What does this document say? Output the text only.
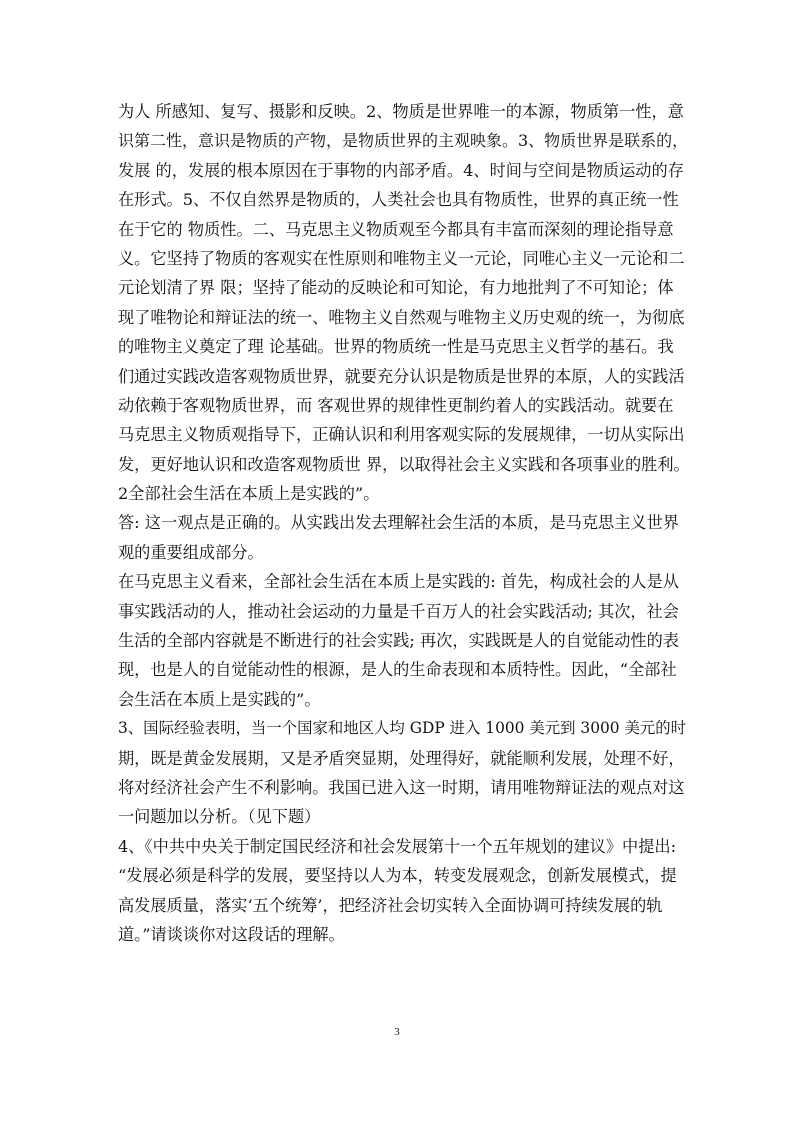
为人 所感知、复写、摄影和反映。2、物质是世界唯一的本源，物质第一性，意
识第二性，意识是物质的产物，是物质世界的主观映象。3、物质世界是联系的，
发展 的，发展的根本原因在于事物的内部矛盾。4、时间与空间是物质运动的存
在形式。5、不仅自然界是物质的，人类社会也具有物质性，世界的真正统一性
在于它的 物质性。二、马克思主义物质观至今都具有丰富而深刻的理论指导意
义。它坚持了物质的客观实在性原则和唯物主义一元论，同唯心主义一元论和二
元论划清了界 限；坚持了能动的反映论和可知论，有力地批判了不可知论；体
现了唯物论和辩证法的统一、唯物主义自然观与唯物主义历史观的统一，为彻底
的唯物主义奠定了理 论基础。世界的物质统一性是马克思主义哲学的基石。我
们通过实践改造客观物质世界，就要充分认识是物质是世界的本原，人的实践活
动依赖于客观物质世界，而 客观世界的规律性更制约着人的实践活动。就要在
马克思主义物质观指导下，正确认识和利用客观实际的发展规律，一切从实际出
发，更好地认识和改造客观物质世 界，以取得社会主义实践和各项事业的胜利。
2全部社会生活在本质上是实践的”。
答: 这一观点是正确的。从实践出发去理解社会生活的本质，是马克思主义世界
观的重要组成部分。
在马克思主义看来，全部社会生活在本质上是实践的: 首先，构成社会的人是从
事实践活动的人，推动社会运动的力量是千百万人的社会实践活动; 其次，社会
生活的全部内容就是不断进行的社会实践; 再次，实践既是人的自觉能动性的表
现，也是人的自觉能动性的根源，是人的生命表现和本质特性。因此，“全部社
会生活在本质上是实践的”。
3、国际经验表明，当一个国家和地区人均 GDP 进入 1000 美元到 3000 美元的时
期，既是黄金发展期，又是矛盾突显期，处理得好，就能顺利发展，处理不好，
将对经济社会产生不利影响。我国已进入这一时期，请用唯物辩证法的观点对这
一问题加以分析。（见下题）
4、《中共中央关于制定国民经济和社会发展第十一个五年规划的建议》中提出:
“发展必须是科学的发展，要坚持以人为本，转变发展观念，创新发展模式，提
高发展质量，落实‘五个统筹’，把经济社会切实转入全面协调可持续发展的轨
道。”请谈谈你对这段话的理解。
3
